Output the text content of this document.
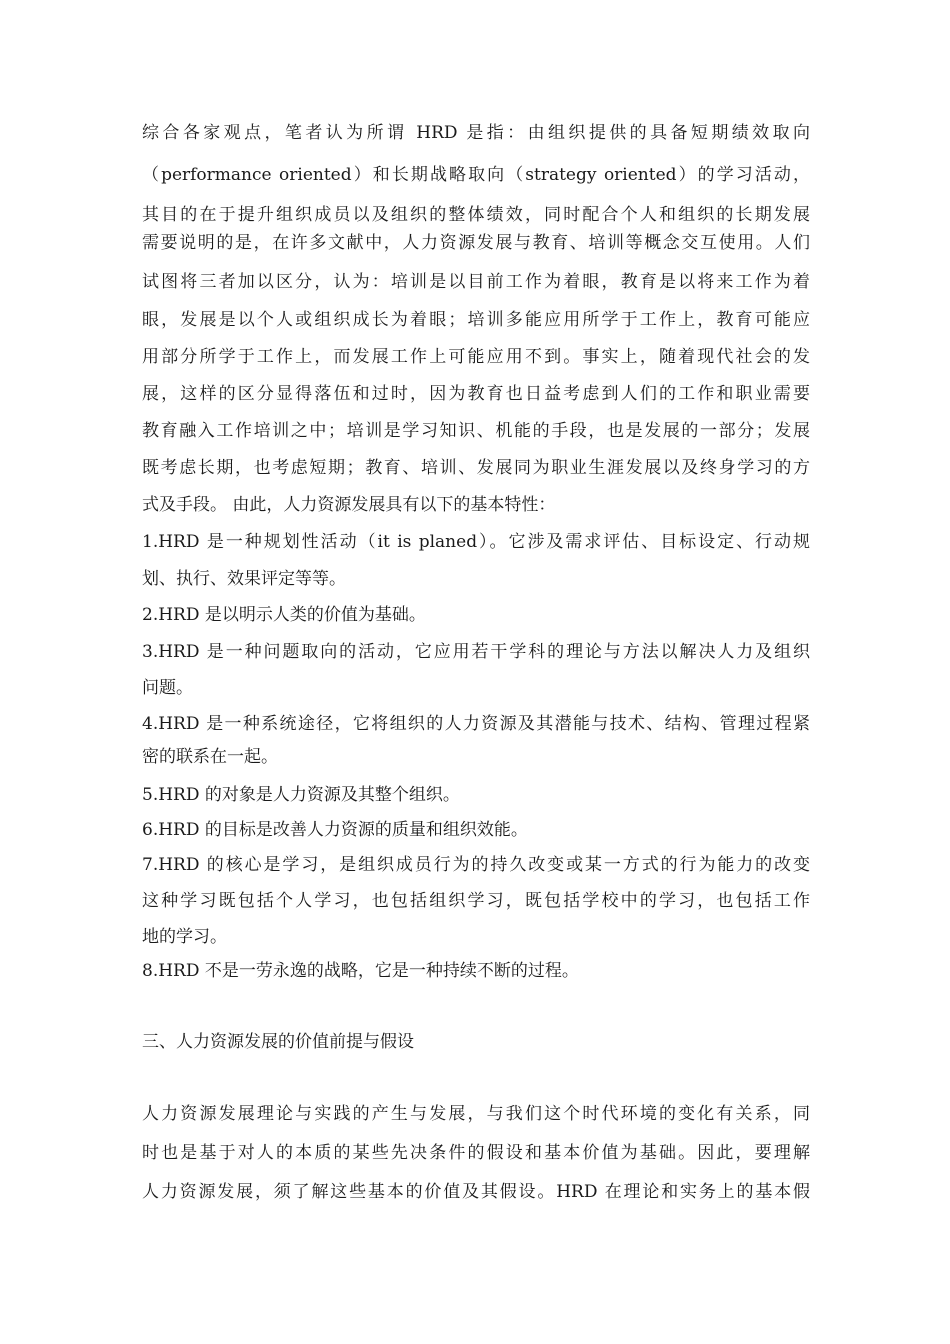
综合各家观点，笔者认为所谓 HRD 是指：由组织提供的具备短期绩效取向
（performance oriented）和长期战略取向（strategy oriented）的学习活动，
其目的在于提升组织成员以及组织的整体绩效，同时配合个人和组织的长期发展
需要说明的是，在许多文献中，人力资源发展与教育、培训等概念交互使用。人们
试图将三者加以区分，认为：培训是以目前工作为着眼，教育是以将来工作为着
眼，发展是以个人或组织成长为着眼；培训多能应用所学于工作上，教育可能应
用部分所学于工作上，而发展工作上可能应用不到。事实上，随着现代社会的发
展，这样的区分显得落伍和过时，因为教育也日益考虑到人们的工作和职业需要
教育融入工作培训之中；培训是学习知识、机能的手段，也是发展的一部分；发展
既考虑长期，也考虑短期；教育、培训、发展同为职业生涯发展以及终身学习的方
式及手段。 由此，人力资源发展具有以下的基本特性：
1.HRD 是一种规划性活动（it is planed）。它涉及需求评估、目标设定、行动规
划、执行、效果评定等等。
2.HRD 是以明示人类的价值为基础。
3.HRD 是一种问题取向的活动，它应用若干学科的理论与方法以解决人力及组织
问题。
4.HRD 是一种系统途径，它将组织的人力资源及其潜能与技术、结构、管理过程紧
密的联系在一起。
5.HRD 的对象是人力资源及其整个组织。
6.HRD 的目标是改善人力资源的质量和组织效能。
7.HRD 的核心是学习，是组织成员行为的持久改变或某一方式的行为能力的改变
这种学习既包括个人学习，也包括组织学习，既包括学校中的学习，也包括工作
地的学习。
8.HRD 不是一劳永逸的战略，它是一种持续不断的过程。
三、人力资源发展的价值前提与假设
人力资源发展理论与实践的产生与发展，与我们这个时代环境的变化有关系，同
时也是基于对人的本质的某些先决条件的假设和基本价值为基础。因此，要理解
人力资源发展，须了解这些基本的价值及其假设。HRD 在理论和实务上的基本假
